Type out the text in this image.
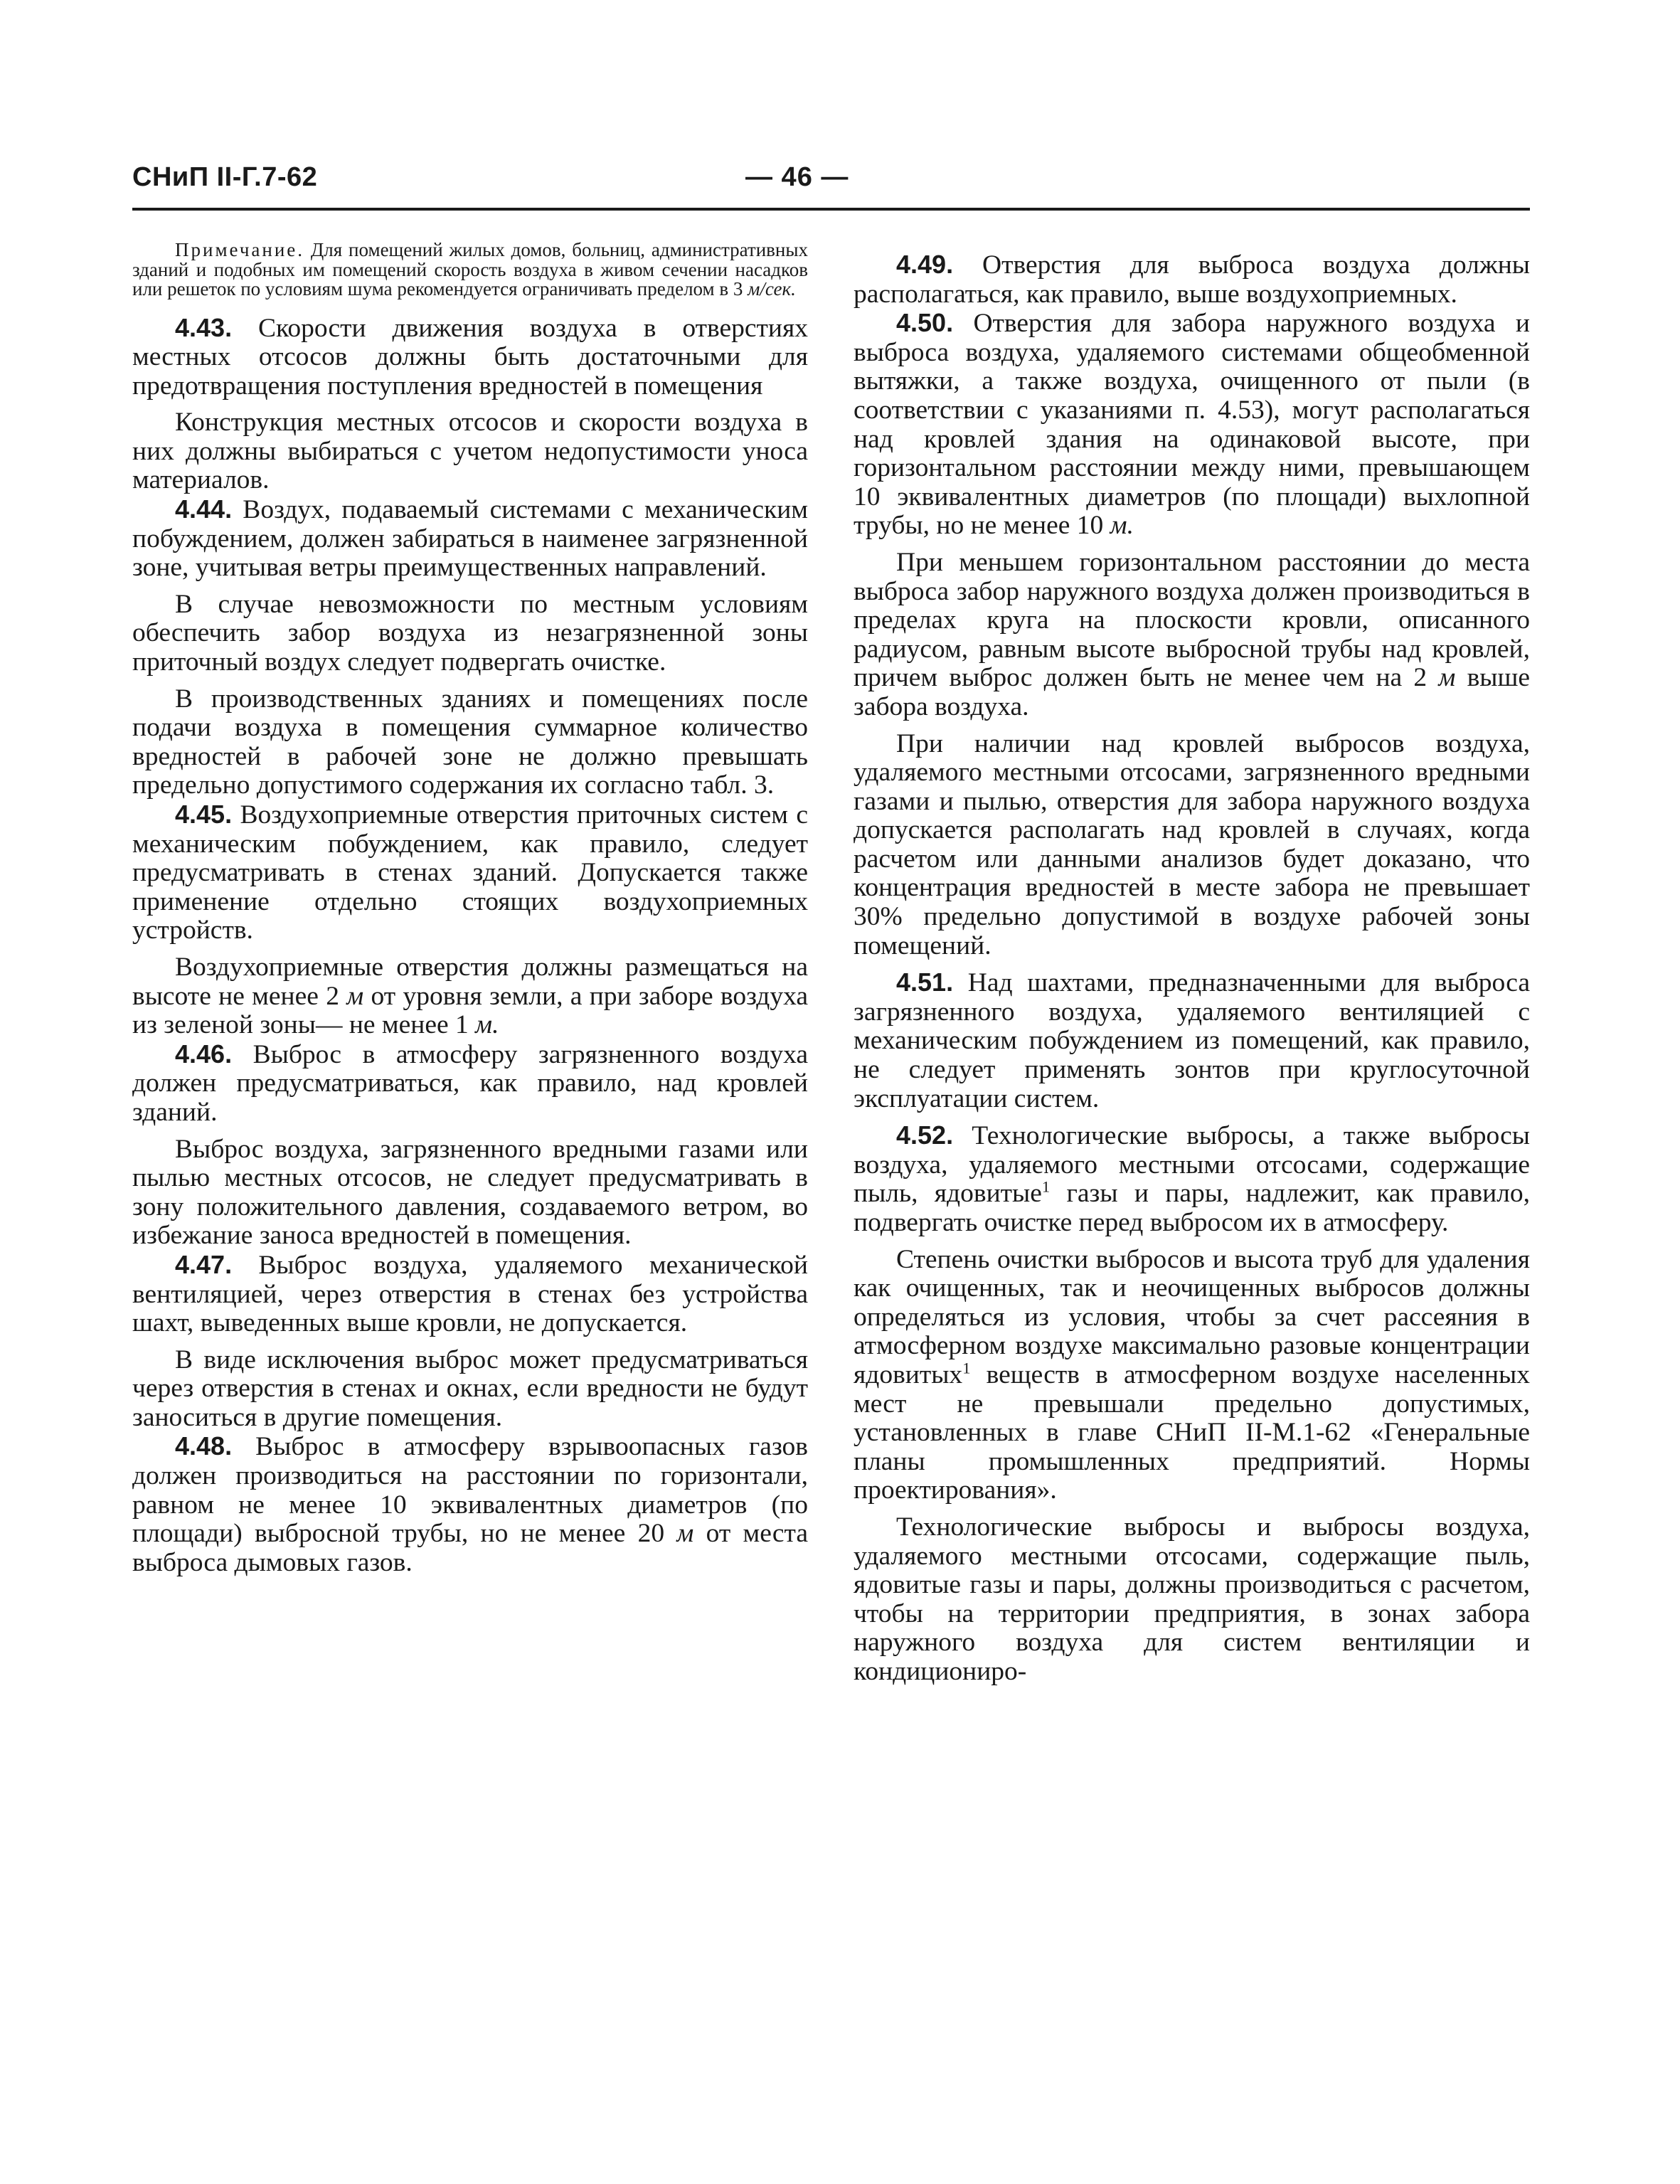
СНиП II-Г.7-62	— 46 —

Примечание. Для помещений жилых домов, больниц, административных зданий и подобных им помещений скорость воздуха в живом сечении насадков или решеток по условиям шума рекомендуется ограничивать пределом в 3 м/сек.

4.43. Скорости движения воздуха в отверстиях местных отсосов должны быть достаточными для предотвращения поступления вредностей в помещения

Конструкция местных отсосов и скорости воздуха в них должны выбираться с учетом недопустимости уноса материалов.

4.44. Воздух, подаваемый системами с механическим побуждением, должен забираться в наименее загрязненной зоне, учитывая ветры преимущественных направлений.

В случае невозможности по местным условиям обеспечить забор воздуха из незагрязненной зоны приточный воздух следует подвергать очистке.

В производственных зданиях и помещениях после подачи воздуха в помещения суммарное количество вредностей в рабочей зоне не должно превышать предельно допустимого содержания их согласно табл. 3.

4.45. Воздухоприемные отверстия приточных систем с механическим побуждением, как правило, следует предусматривать в стенах зданий. Допускается также применение отдельно стоящих воздухоприемных устройств.

Воздухоприемные отверстия должны размещаться на высоте не менее 2 м от уровня земли, а при заборе воздуха из зеленой зоны— не менее 1 м.

4.46. Выброс в атмосферу загрязненного воздуха должен предусматриваться, как правило, над кровлей зданий.

Выброс воздуха, загрязненного вредными газами или пылью местных отсосов, не следует предусматривать в зону положительного давления, создаваемого ветром, во избежание заноса вредностей в помещения.

4.47. Выброс воздуха, удаляемого механической вентиляцией, через отверстия в стенах без устройства шахт, выведенных выше кровли, не допускается.

В виде исключения выброс может предусматриваться через отверстия в стенах и окнах, если вредности не будут заноситься в другие помещения.

4.48. Выброс в атмосферу взрывоопасных газов должен производиться на расстоянии по горизонтали, равном не менее 10 эквивалентных диаметров (по площади) выбросной трубы, но не менее 20 м от места выброса дымовых газов.

4.49. Отверстия для выброса воздуха должны располагаться, как правило, выше воздухоприемных.

4.50. Отверстия для забора наружного воздуха и выброса воздуха, удаляемого системами общеобменной вытяжки, а также воздуха, очищенного от пыли (в соответствии с указаниями п. 4.53), могут располагаться над кровлей здания на одинаковой высоте, при горизонтальном расстоянии между ними, превышающем 10 эквивалентных диаметров (по площади) выхлопной трубы, но не менее 10 м.

При меньшем горизонтальном расстоянии до места выброса забор наружного воздуха должен производиться в пределах круга на плоскости кровли, описанного радиусом, равным высоте выбросной трубы над кровлей, причем выброс должен быть не менее чем на 2 м выше забора воздуха.

При наличии над кровлей выбросов воздуха, удаляемого местными отсосами, загрязненного вредными газами и пылью, отверстия для забора наружного воздуха допускается располагать над кровлей в случаях, когда расчетом или данными анализов будет доказано, что концентрация вредностей в месте забора не превышает 30% предельно допустимой в воздухе рабочей зоны помещений.

4.51. Над шахтами, предназначенными для выброса загрязненного воздуха, удаляемого вентиляцией с механическим побуждением из помещений, как правило, не следует применять зонтов при круглосуточной эксплуатации систем.

4.52. Технологические выбросы, а также выбросы воздуха, удаляемого местными отсосами, содержащие пыль, ядовитые$^1$ газы и пары, надлежит, как правило, подвергать очистке перед выбросом их в атмосферу.

Степень очистки выбросов и высота труб для удаления как очищенных, так и неочищенных выбросов должны определяться из условия, чтобы за счет рассеяния в атмосферном воздухе максимально разовые концентрации ядовитых$^1$ веществ в атмосферном воздухе населенных мест не превышали предельно допустимых, установленных в главе СНиП II-М.1-62 «Генеральные планы промышленных предприятий. Нормы проектирования».

Технологические выбросы и выбросы воздуха, удаляемого местными отсосами, содержащие пыль, ядовитые газы и пары, должны производиться с расчетом, чтобы на территории предприятия, в зонах забора наружного воздуха для систем вентиляции и кондициониро-
